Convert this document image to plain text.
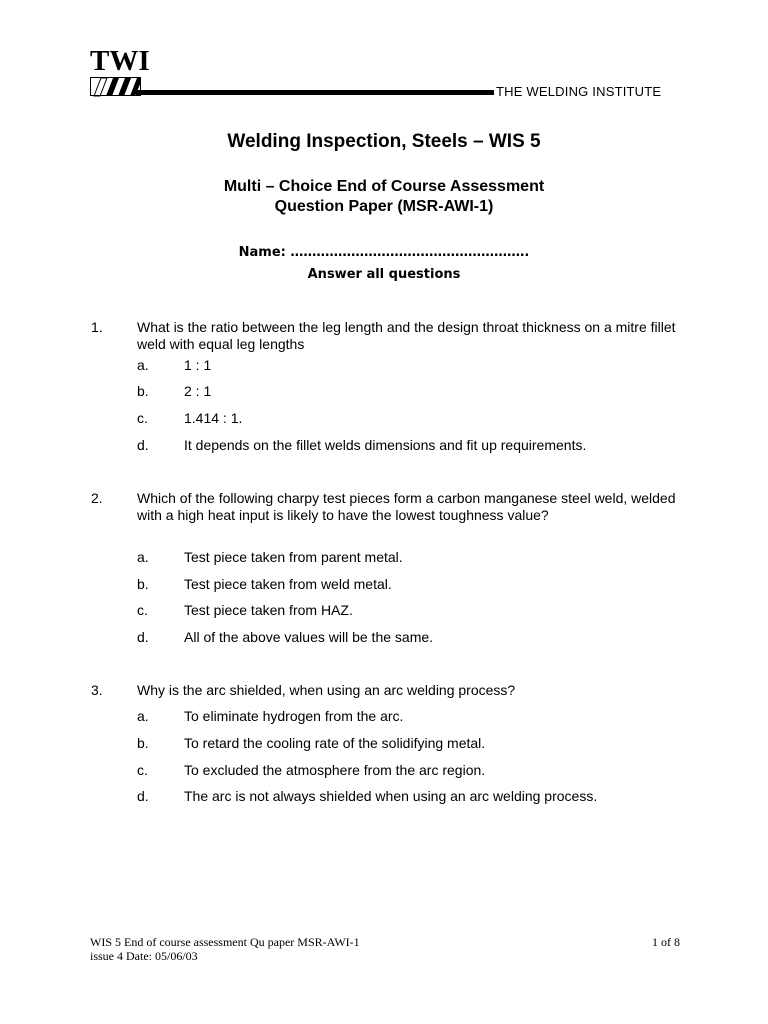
TWI
THE WELDING INSTITUTE
Welding Inspection, Steels – WIS 5
Multi – Choice End of Course Assessment
Question Paper (MSR-AWI-1)
Name: ……………………………………………….
Answer all questions
1. What is the ratio between the leg length and the design throat thickness on a mitre fillet weld with equal leg lengths
a.	1 : 1
b.	2 : 1
c.	1.414 : 1.
d.	It depends on the fillet welds dimensions and fit up requirements.
2. Which of the following charpy test pieces form a carbon manganese steel weld, welded with a high heat input is likely to have the lowest toughness value?
a.	Test piece taken from parent metal.
b.	Test piece taken from weld metal.
c.	Test piece taken from HAZ.
d.	All of the above values will be the same.
3. Why is the arc shielded, when using an arc welding process?
a.	To eliminate hydrogen from the arc.
b.	To retard the cooling rate of the solidifying metal.
c.	To excluded the atmosphere from the arc region.
d.	The arc is not always shielded when using an arc welding process.
WIS 5 End of course assessment Qu paper MSR-AWI-1
issue 4 Date: 05/06/03
1 of 8
